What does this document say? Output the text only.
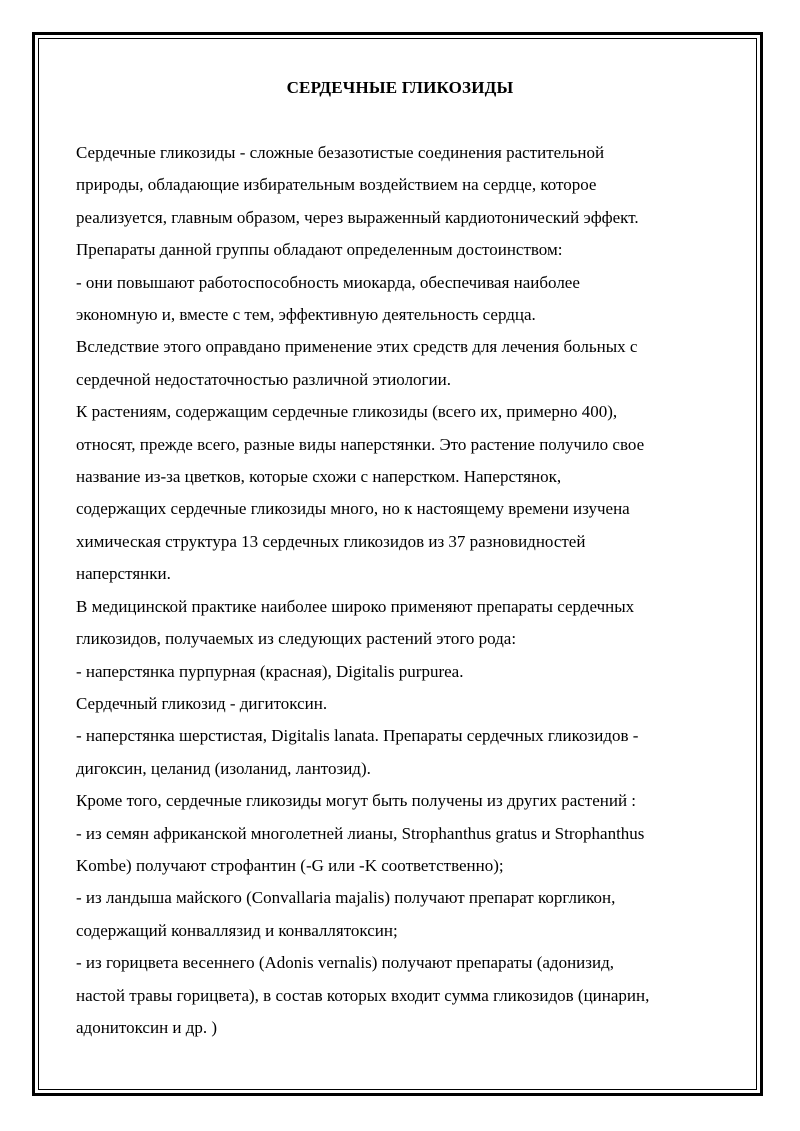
СЕРДЕЧНЫЕ ГЛИКОЗИДЫ
Сердечные гликозиды - сложные безазотистые соединения растительной
природы, обладающие избирательным воздействием на сердце, которое
реализуется, главным образом, через выраженный кардиотонический эффект.
Препараты данной группы обладают определенным достоинством:
- они повышают работоспособность миокарда, обеспечивая наиболее
экономную и, вместе с тем, эффективную деятельность сердца.
Вследствие этого оправдано применение этих средств для лечения больных с
сердечной недостаточностью различной этиологии.
К растениям, содержащим сердечные гликозиды (всего их, примерно 400),
относят, прежде всего, разные виды наперстянки. Это растение получило свое
название из-за цветков, которые схожи с наперстком. Наперстянок,
содержащих сердечные гликозиды много, но к настоящему времени изучена
химическая структура 13 сердечных гликозидов из 37 разновидностей
наперстянки.
В медицинской практике наиболее широко применяют препараты сердечных
гликозидов, получаемых из следующих растений этого рода:
- наперстянка пурпурная (красная), Digitalis purpurea.
Сердечный гликозид - дигитоксин.
- наперстянка шерстистая, Digitalis lanata. Препараты сердечных гликозидов -
дигоксин, целанид (изоланид, лантозид).
Кроме того, сердечные гликозиды могут быть получены из других растений :
- из семян африканской многолетней лианы, Strophanthus gratus и Strophanthus
Kombe) получают строфантин (-G или -K соответственно);
- из ландыша майского (Convallaria majalis) получают препарат коргликон,
содержащий конваллязид и конваллятоксин;
- из горицвета весеннего (Adonis vernalis) получают препараты (адонизид,
настой травы горицвета), в состав которых входит сумма гликозидов (цинарин,
адонитоксин и др. )
